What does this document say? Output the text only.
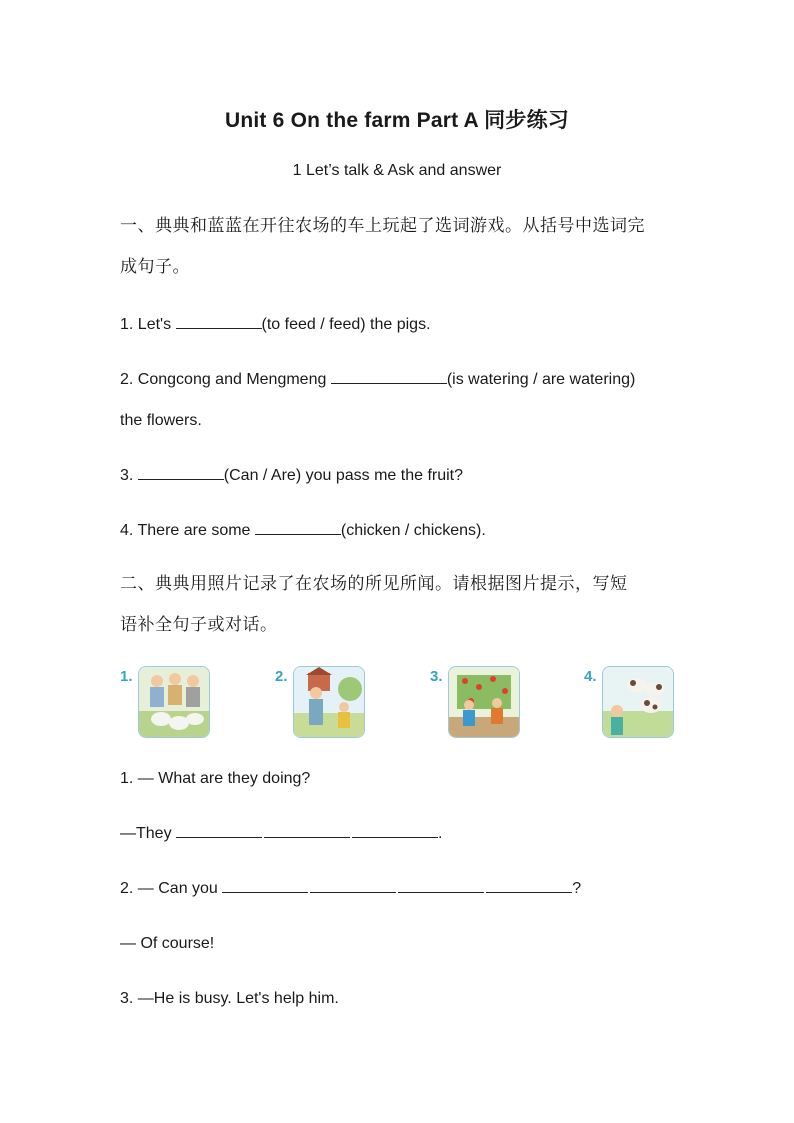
Unit 6 On the farm Part A 同步练习
1 Let’s talk & Ask and answer
一、典典和蓝蓝在开往农场的车上玩起了选词游戏。从括号中选词完
成句子。
1. Let's	(to feed / feed) the pigs.
2. Congcong and Mengmeng	(is watering / are watering)
the flowers.
3.	(Can / Are) you pass me the fruit?
4. There are some	(chicken / chickens).
二、典典用照片记录了在农场的所见所闻。请根据图片提示，写短
语补全句子或对话。
1.	2.	3.	4.
1. — What are they doing?
—They	.
2. — Can you	?
— Of course!
3. —He is busy. Let's help him.
